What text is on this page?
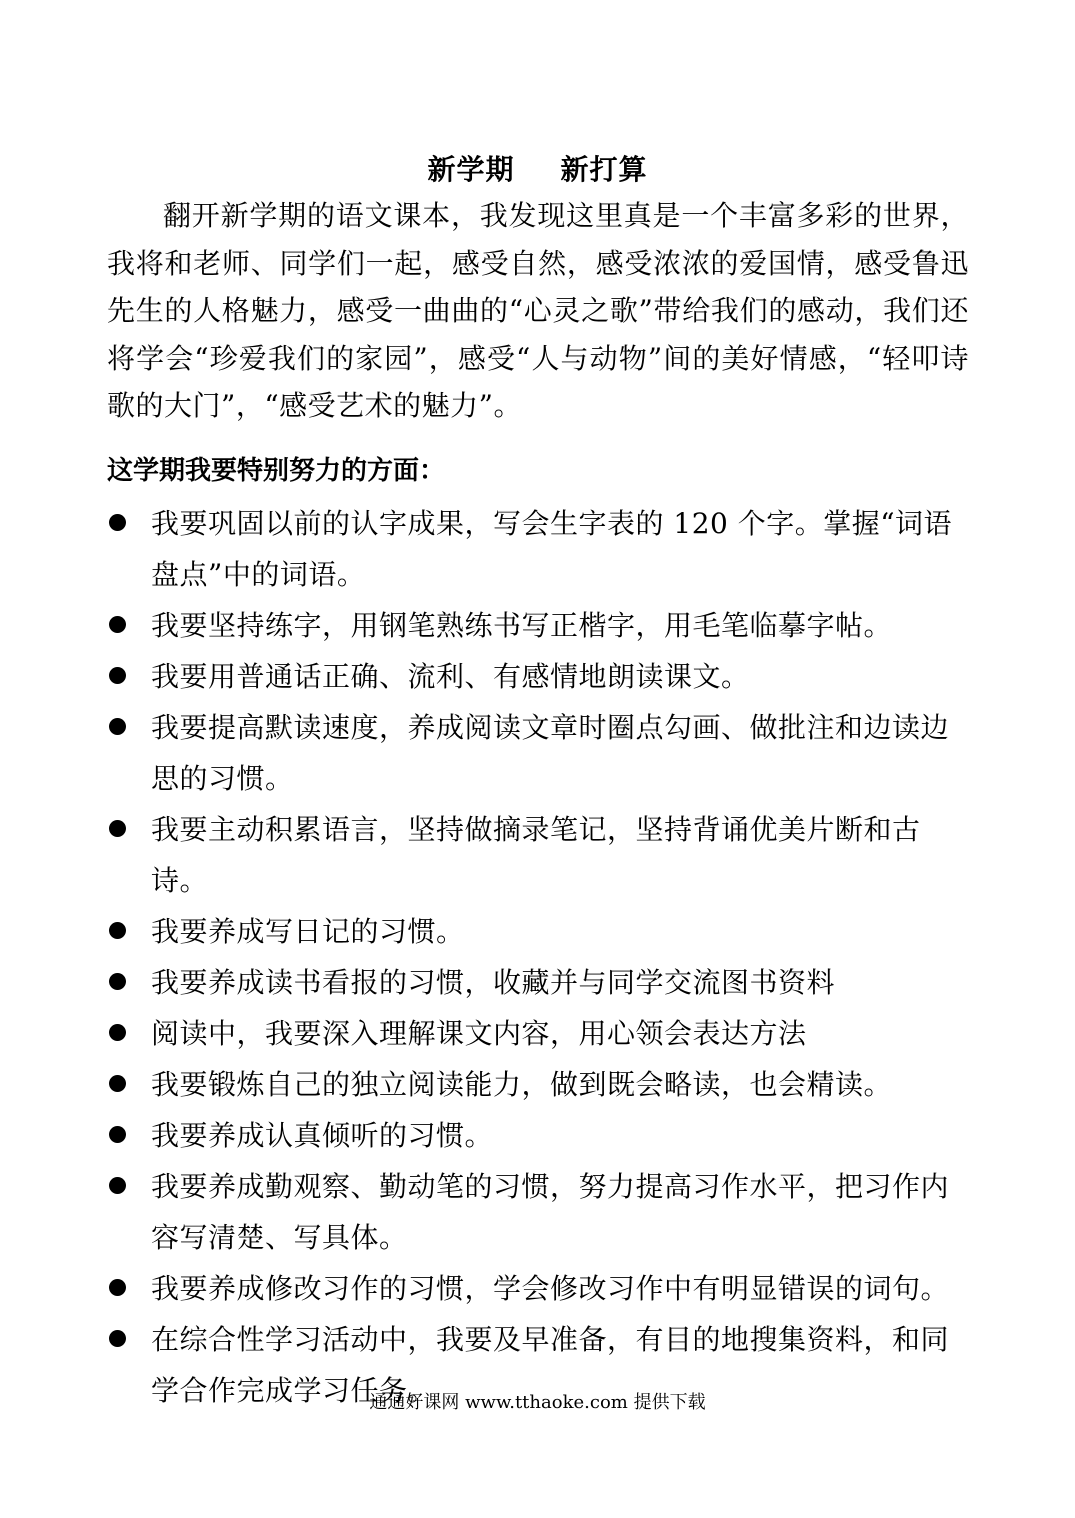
新学期 新打算

翻开新学期的语文课本，我发现这里真是一个丰富多彩的世界，我将和老师、同学们一起，感受自然，感受浓浓的爱国情，感受鲁迅先生的人格魅力，感受一曲曲的“心灵之歌”带给我们的感动，我们还将学会“珍爱我们的家园”，感受“人与动物”间的美好情感，“轻叩诗歌的大门”，“感受艺术的魅力”。

这学期我要特别努力的方面：

我要巩固以前的认字成果，写会生字表的 120 个字。掌握“词语盘点”中的词语。
我要坚持练字，用钢笔熟练书写正楷字，用毛笔临摹字帖。
我要用普通话正确、流利、有感情地朗读课文。
我要提高默读速度，养成阅读文章时圈点勾画、做批注和边读边思的习惯。
我要主动积累语言，坚持做摘录笔记，坚持背诵优美片断和古诗。
我要养成写日记的习惯。
我要养成读书看报的习惯，收藏并与同学交流图书资料
阅读中，我要深入理解课文内容，用心领会表达方法
我要锻炼自己的独立阅读能力，做到既会略读，也会精读。
我要养成认真倾听的习惯。
我要养成勤观察、勤动笔的习惯，努力提高习作水平，把习作内容写清楚、写具体。
我要养成修改习作的习惯，学会修改习作中有明显错误的词句。
在综合性学习活动中，我要及早准备，有目的地搜集资料，和同学合作完成学习任务。
通通好课网 www.tthaoke.com 提供下载
